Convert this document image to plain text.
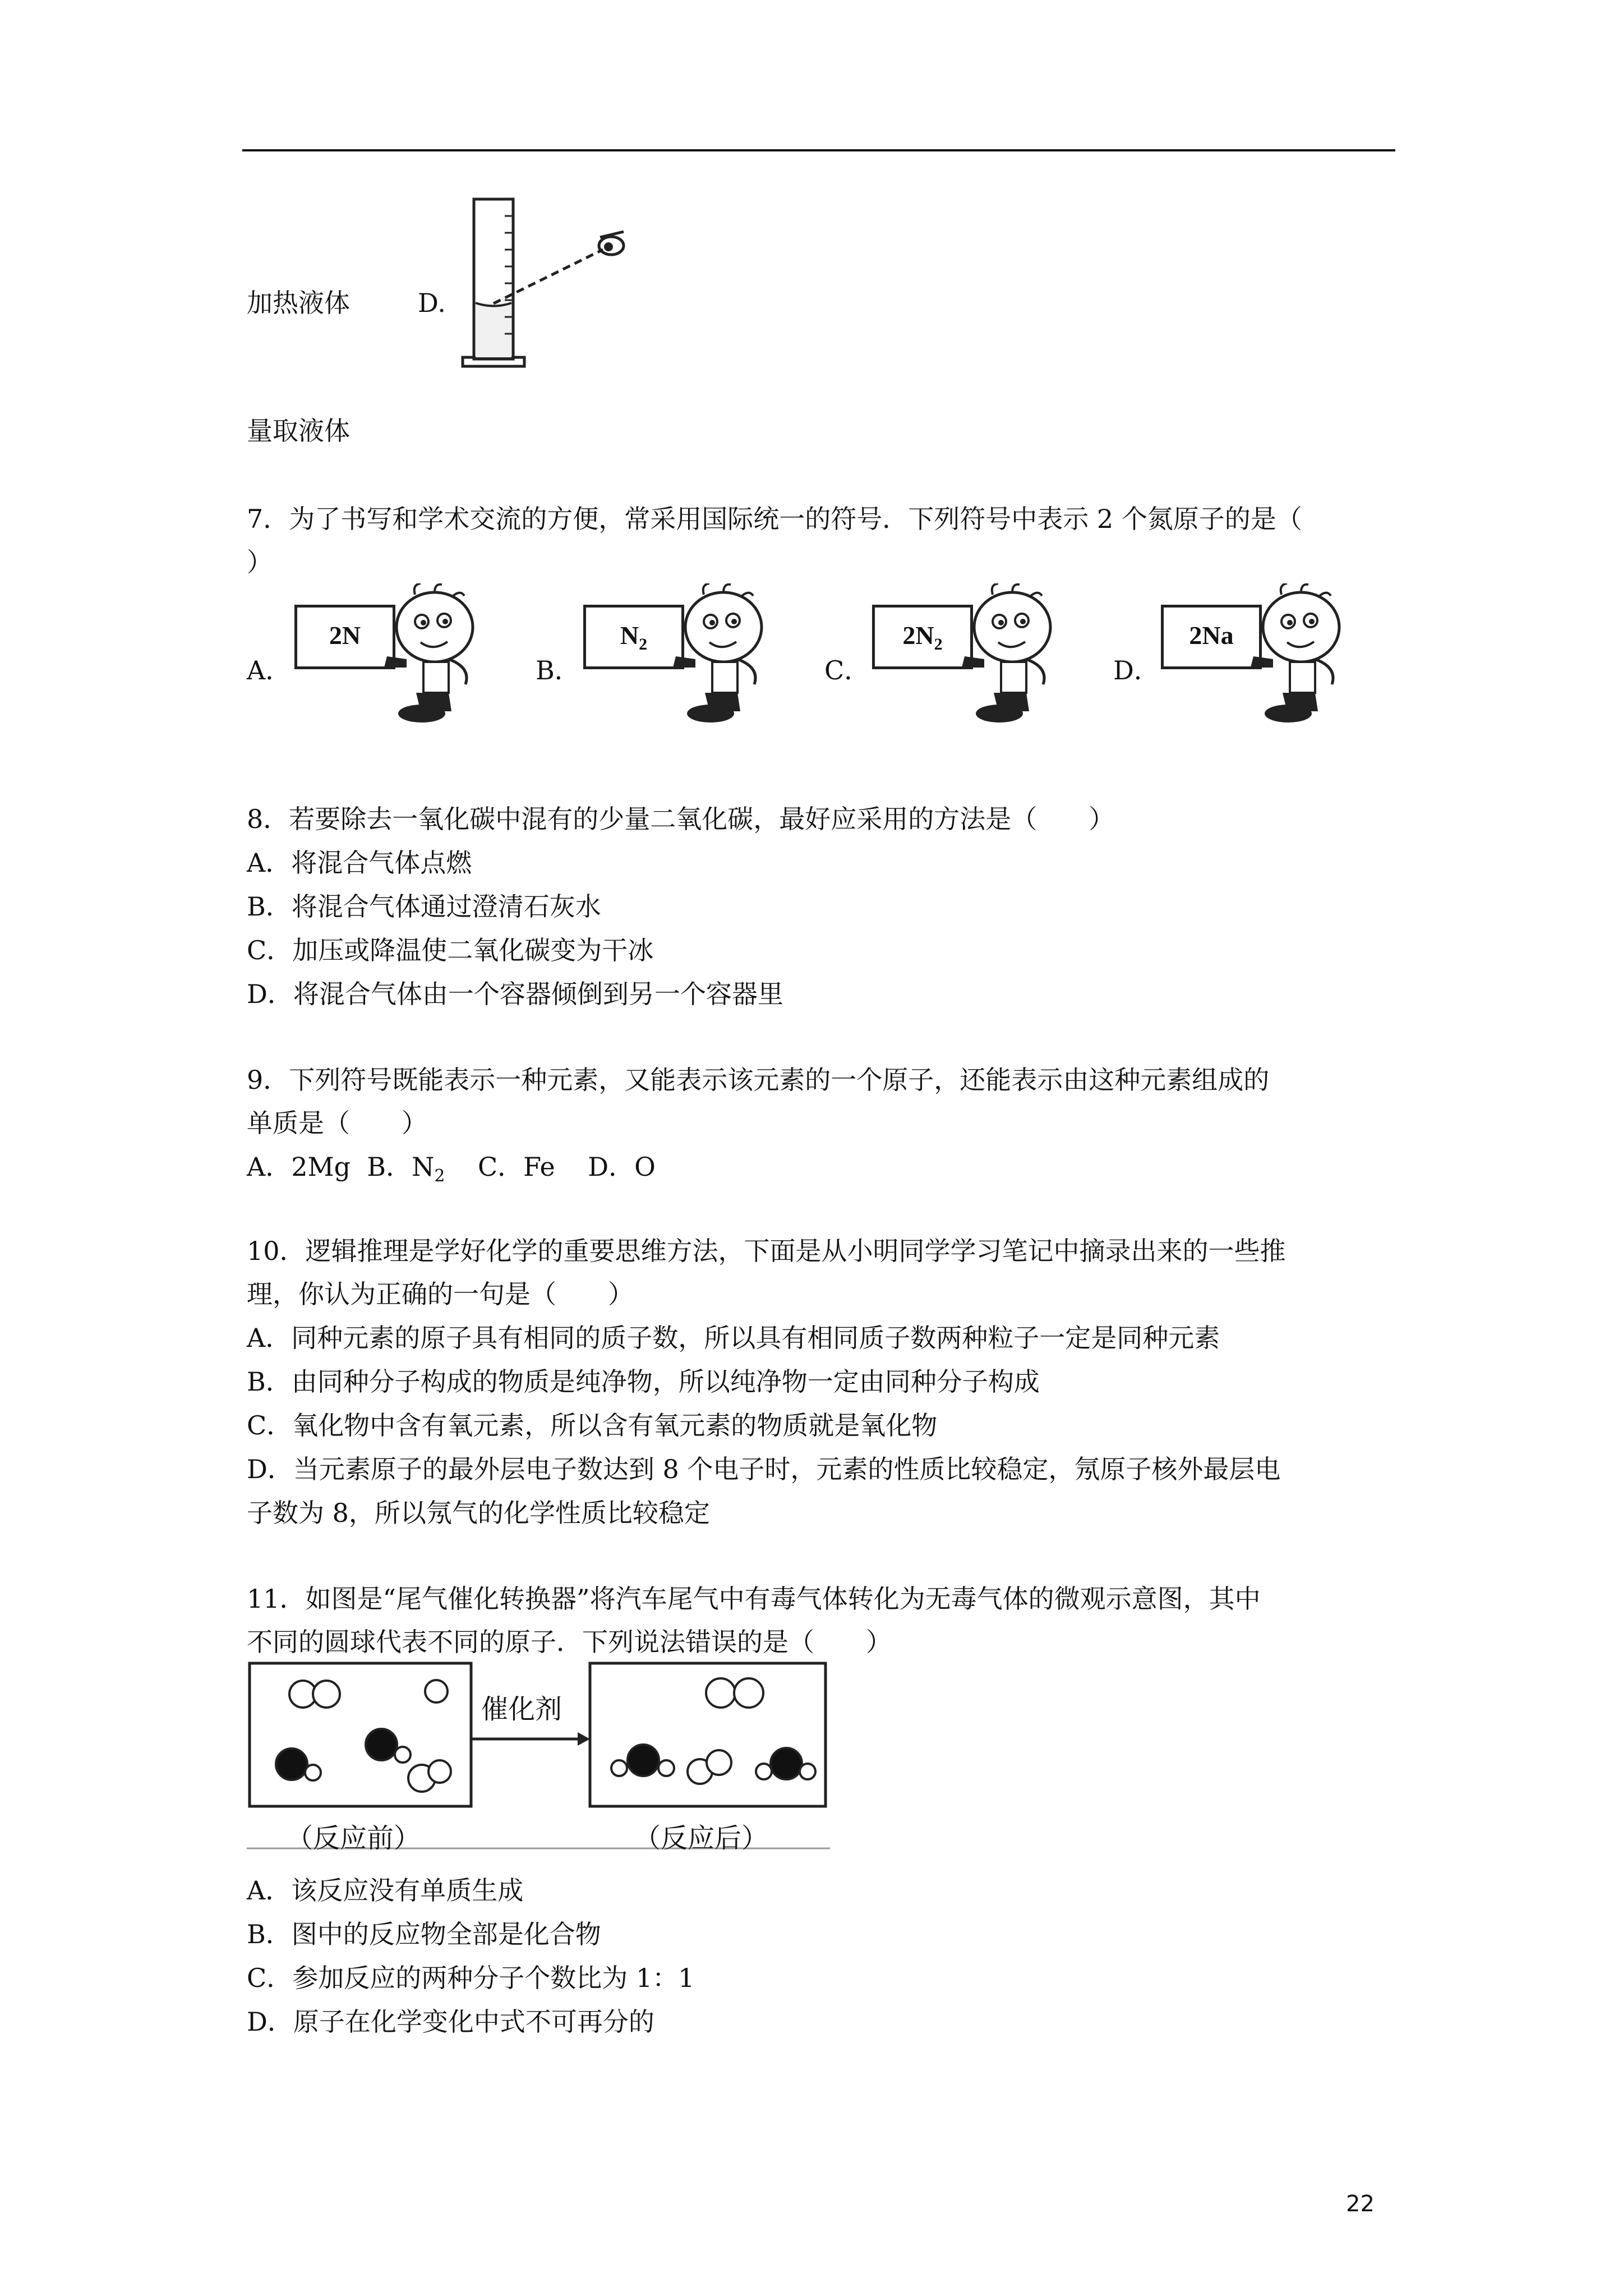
加热液体	D.
量取液体
7．为了书写和学术交流的方便，常采用国际统一的符号．下列符号中表示 2 个氮原子的是（
）
A．	B．	C．	D．
2N	$N_2$	$2N_2$	2Na
8．若要除去一氧化碳中混有的少量二氧化碳，最好应采用的方法是（　　）
A．将混合气体点燃
B．将混合气体通过澄清石灰水
C．加压或降温使二氧化碳变为干冰
D．将混合气体由一个容器倾倒到另一个容器里
9．下列符号既能表示一种元素，又能表示该元素的一个原子，还能表示由这种元素组成的
单质是（　　）
A．2Mg B．$N_2$ C．Fe D．O
10．逻辑推理是学好化学的重要思维方法，下面是从小明同学学习笔记中摘录出来的一些推
理，你认为正确的一句是（　　）
A．同种元素的原子具有相同的质子数，所以具有相同质子数两种粒子一定是同种元素
B．由同种分子构成的物质是纯净物，所以纯净物一定由同种分子构成
C．氧化物中含有氧元素，所以含有氧元素的物质就是氧化物
D．当元素原子的最外层电子数达到 8 个电子时，元素的性质比较稳定，氖原子核外最层电
子数为 8，所以氖气的化学性质比较稳定
11．如图是“尾气催化转换器”将汽车尾气中有毒气体转化为无毒气体的微观示意图，其中
不同的圆球代表不同的原子．下列说法错误的是（　　）
催化剂
（反应前）	（反应后）
A．该反应没有单质生成
B．图中的反应物全部是化合物
C．参加反应的两种分子个数比为 1：1
D．原子在化学变化中式不可再分的
22
